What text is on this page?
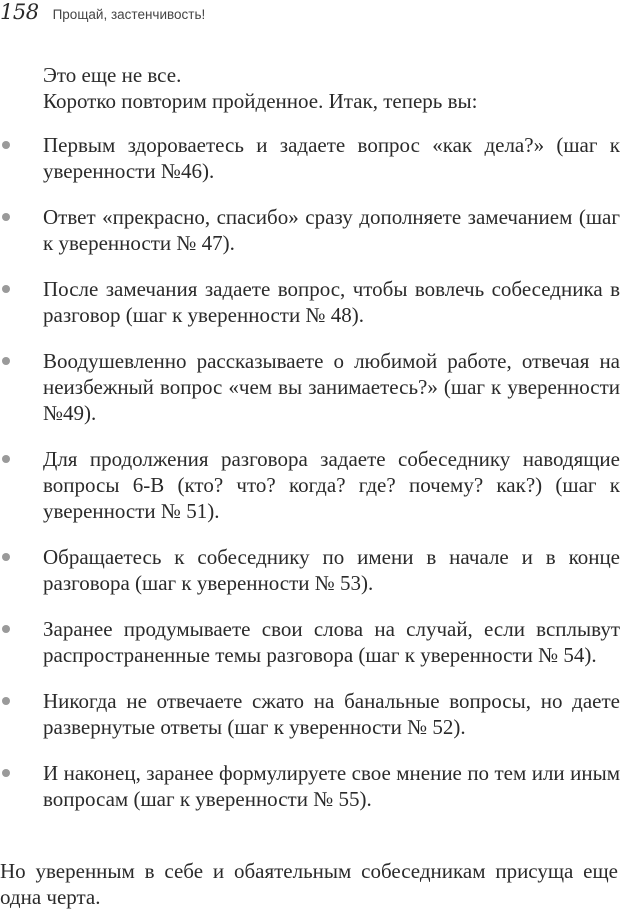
158 Прощай, застенчивость!

Это еще не все.

Коротко повторим пройденное. Итак, теперь вы:

Первым здороваетесь и задаете вопрос «как дела?» (шаг к уверенности №46).
Ответ «прекрасно, спасибо» сразу дополняете замечанием (шаг к уверенности № 47).
После замечания задаете вопрос, чтобы вовлечь собеседника в разговор (шаг к уверенности № 48).
Воодушевленно рассказываете о любимой работе, отвечая на неизбежный вопрос «чем вы занимаетесь?» (шаг к уверенности №49).
Для продолжения разговора задаете собеседнику наводящие вопросы 6-В (кто? что? когда? где? почему? как?) (шаг к уверенности № 51).
Обращаетесь к собеседнику по имени в начале и в конце разговора (шаг к уверенности № 53).
Заранее продумываете свои слова на случай, если всплывут распространенные темы разговора (шаг к уверенности № 54).
Никогда не отвечаете сжато на банальные вопросы, но даете развернутые ответы (шаг к уверенности № 52).
И наконец, заранее формулируете свое мнение по тем или иным вопросам (шаг к уверенности № 55).

Но уверенным в себе и обаятельным собеседникам присуща еще одна черта.
